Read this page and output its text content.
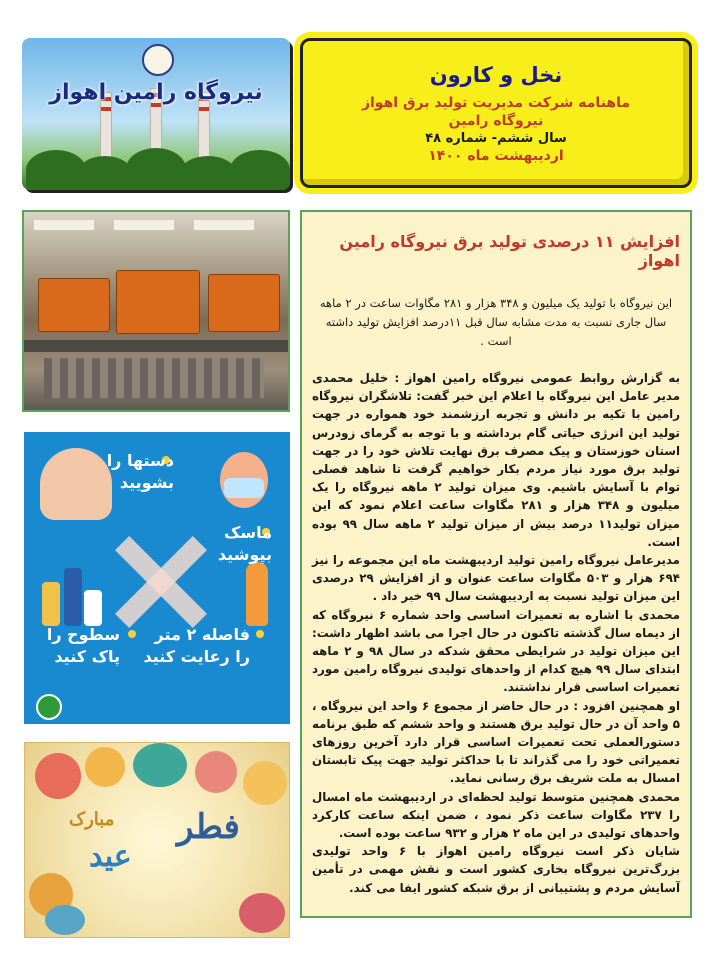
نیروگاه رامین اهواز
نخل و کارون
ماهنامه شرکت مدیریت تولید برق اهواز
نیروگاه رامین
سال ششم- شماره ۴۸
اردیبهشت ماه ۱۴۰۰
دستها را
بشویید
ماسک
بپوشید
سطوح را
پاک کنید
فاصله ۲ متر
را رعایت کنید
عید
فطر
مبارک
افزایش ۱۱ درصدی تولید برق نیروگاه رامین اهواز
این نیروگاه با تولید یک میلیون و ۳۴۸ هزار و ۲۸۱ مگاوات ساعت در ۲ ماهه سال جاری نسبت به مدت مشابه سال قبل ۱۱درصد افزایش تولید داشته است .

به گزارش روابط عمومی نیروگاه رامین اهواز : خلیل محمدی مدیر عامل این نیروگاه با اعلام این خبر گفت: تلاشگران نیروگاه رامین با تکیه بر دانش و تجربه ارزشمند خود همواره در جهت تولید این انرژی حیاتی گام برداشته و با توجه به گرمای زودرس استان خوزستان و پیک مصرف برق نهایت تلاش خود را در جهت تولید برق مورد نیاز مردم بکار خواهیم گرفت تا شاهد فصلی توام با آسایش باشیم. وی میزان تولید ۲ ماهه نیروگاه را یک میلیون و ۳۴۸ هزار و ۲۸۱ مگاوات ساعت اعلام نمود که این میزان تولید۱۱ درصد بیش از میزان تولید ۲ ماهه سال ۹۹ بوده است.

مدیرعامل نیروگاه رامین تولید اردیبهشت ماه این مجموعه را نیز ۶۹۴ هزار و ۵۰۳ مگاوات ساعت عنوان و از افزایش ۲۹ درصدی این میزان تولید نسبت به اردیبهشت سال ۹۹ خبر داد .

محمدی با اشاره به تعمیرات اساسی واحد شماره ۶ نیروگاه که از دیماه سال گذشته تاکنون در حال اجرا می باشد اظهار داشت: این میزان تولید در شرایطی محقق شدکه در سال ۹۸ و ۲ ماهه ابتدای سال ۹۹ هیچ کدام از واحدهای تولیدی نیروگاه رامین مورد تعمیرات اساسی قرار نداشتند.

او همچنین افزود : در حال حاضر از مجموع ۶ واحد این نیروگاه ، ۵ واحد آن در حال تولید برق هستند و واحد ششم که طبق برنامه دستورالعملی تحت تعمیرات اساسی قرار دارد آخرین روزهای تعمیراتی خود را می گذراند تا با حداکثر تولید جهت پیک تابستان امسال به ملت شریف برق رسانی نماید.

محمدی همچنین متوسط تولید لحظه‌ای در اردیبهشت ماه امسال را ۲۳۷ مگاوات ساعت ذکر نمود ، ضمن اینکه ساعت کارکرد واحدهای تولیدی در این ماه ۲ هزار و ۹۳۲ ساعت بوده است.

شایان ذکر است نیروگاه رامین اهواز با ۶ واحد تولیدی بزرگ‌ترین نیروگاه بخاری کشور است و نقش مهمی در تأمین آسایش مردم و پشتیبانی از برق شبکه کشور ایفا می کند.
